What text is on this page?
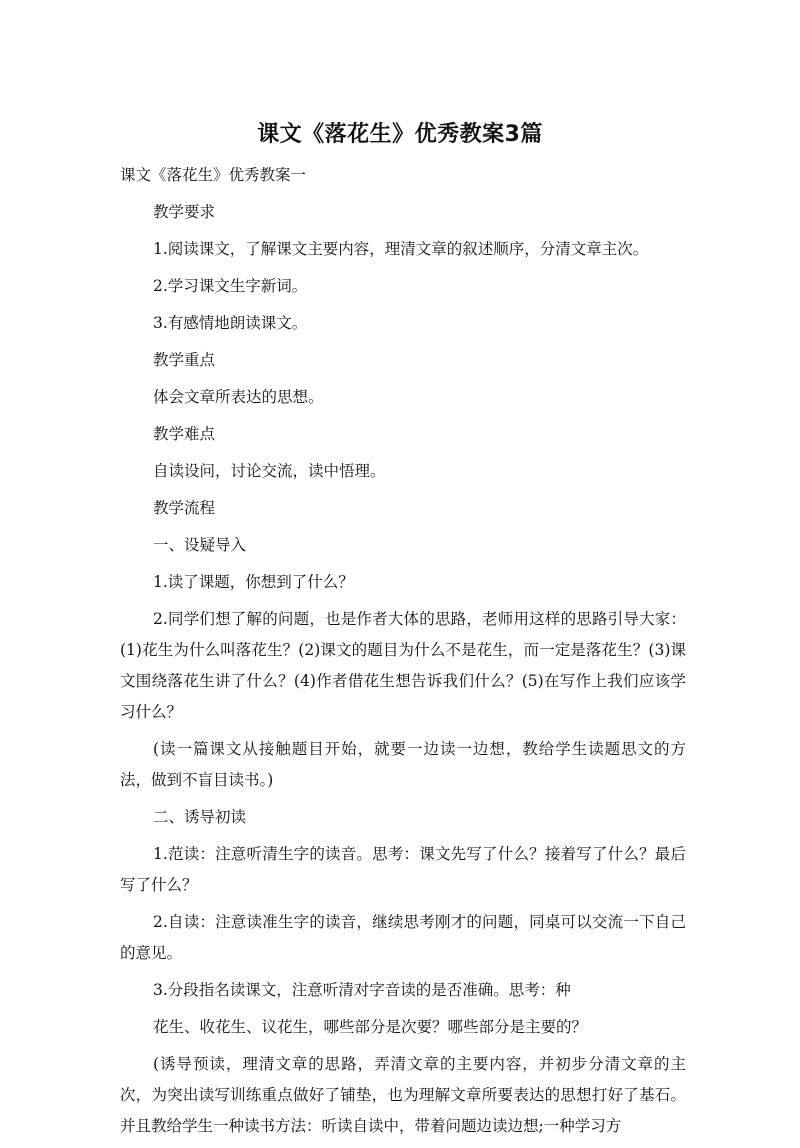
课文《落花生》优秀教案3篇

课文《落花生》优秀教案一

教学要求

1.阅读课文，了解课文主要内容，理清文章的叙述顺序，分清文章主次。

2.学习课文生字新词。

3.有感情地朗读课文。

教学重点

体会文章所表达的思想。

教学难点

自读设问，讨论交流，读中悟理。

教学流程

一、设疑导入

1.读了课题，你想到了什么？

2.同学们想了解的问题，也是作者大体的思路，老师用这样的思路引导大家：(1)花生为什么叫落花生？(2)课文的题目为什么不是花生，而一定是落花生？(3)课文围绕落花生讲了什么？(4)作者借花生想告诉我们什么？(5)在写作上我们应该学习什么？

(读一篇课文从接触题目开始，就要一边读一边想，教给学生读题思文的方法，做到不盲目读书。)

二、诱导初读

1.范读：注意听清生字的读音。思考：课文先写了什么？接着写了什么？最后写了什么？

2.自读：注意读准生字的读音，继续思考刚才的问题，同桌可以交流一下自己的意见。

3.分段指名读课文，注意听清对字音读的是否准确。思考：种

花生、收花生、议花生，哪些部分是次要？哪些部分是主要的？

(诱导预读，理清文章的思路，弄清文章的主要内容，并初步分清文章的主次，为突出读写训练重点做好了铺垫，也为理解文章所要表达的思想打好了基石。并且教给学生一种读书方法：听读自读中，带着问题边读边想;一种学习方
